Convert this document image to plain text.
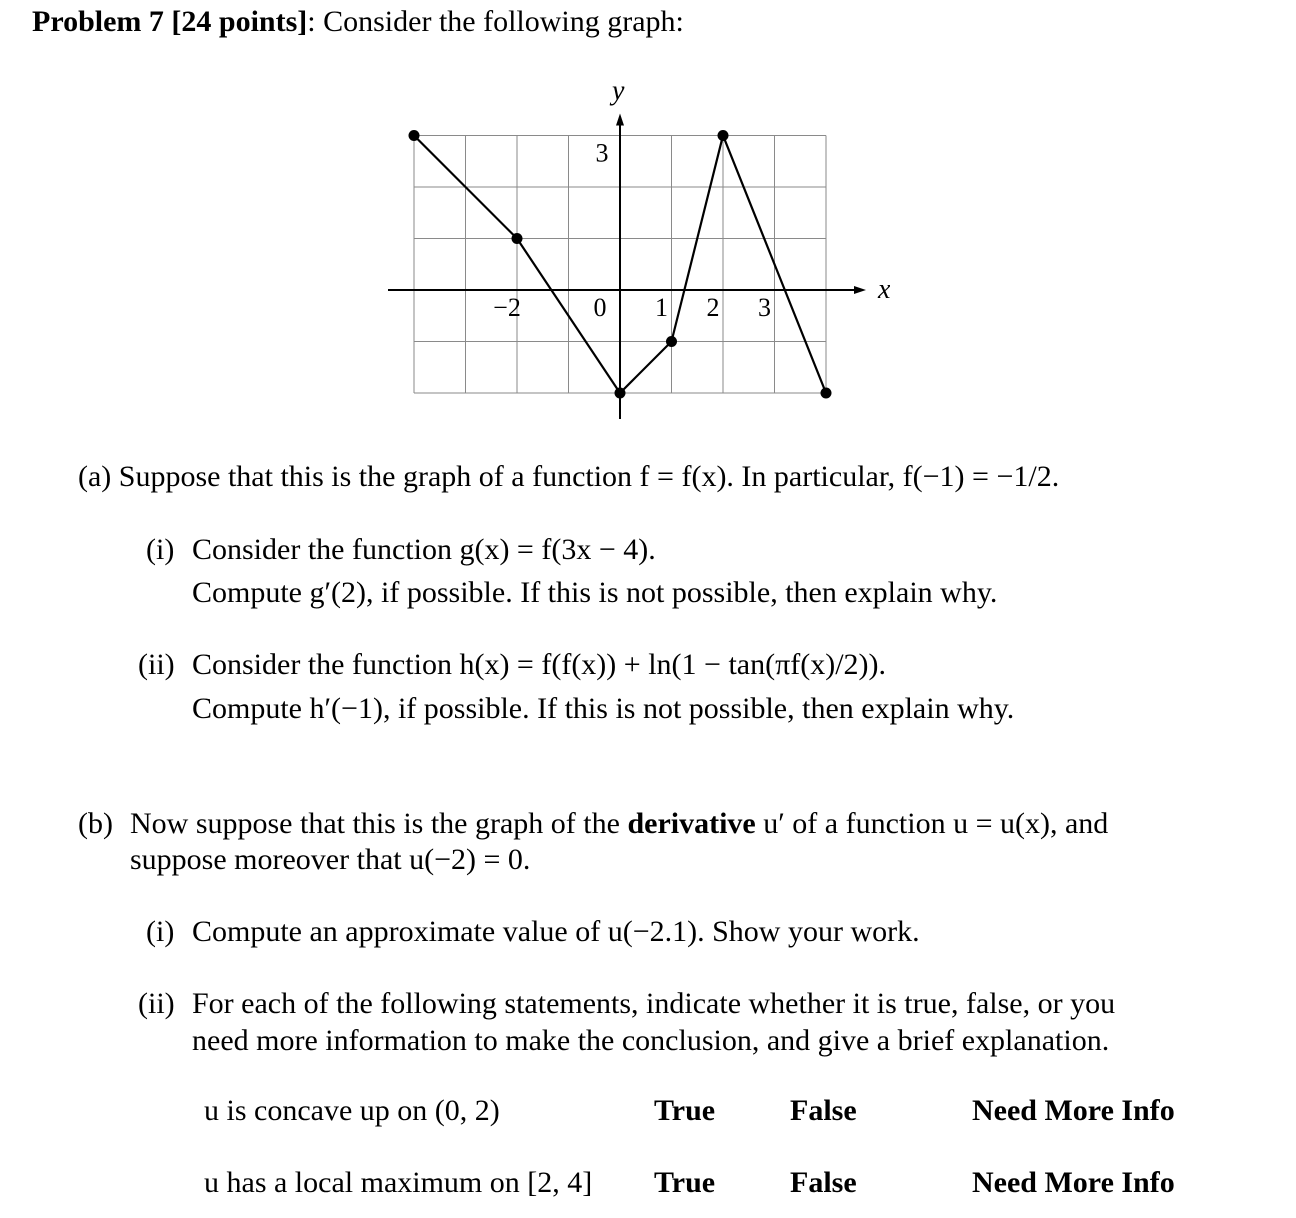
Problem 7 [24 points]: Consider the following graph:
x
y
−2	0 1 2 3
3
(a) Suppose that this is the graph of a function f = f(x). In particular, f(−1) = −1/2.
(i) Consider the function g(x) = f(3x − 4).
Compute g′(2), if possible. If this is not possible, then explain why.
(ii) Consider the function h(x) = f(f(x)) + ln(1 − tan(πf(x)/2)).
Compute h′(−1), if possible. If this is not possible, then explain why.
(b) Now suppose that this is the graph of the derivative u′ of a function u = u(x), and
suppose moreover that u(−2) = 0.
(i) Compute an approximate value of u(−2.1). Show your work.
(ii) For each of the following statements, indicate whether it is true, false, or you
need more information to make the conclusion, and give a brief explanation.
u is concave up on (0, 2)	True False	Need More Info
u has a local maximum on [2, 4] True False	Need More Info
